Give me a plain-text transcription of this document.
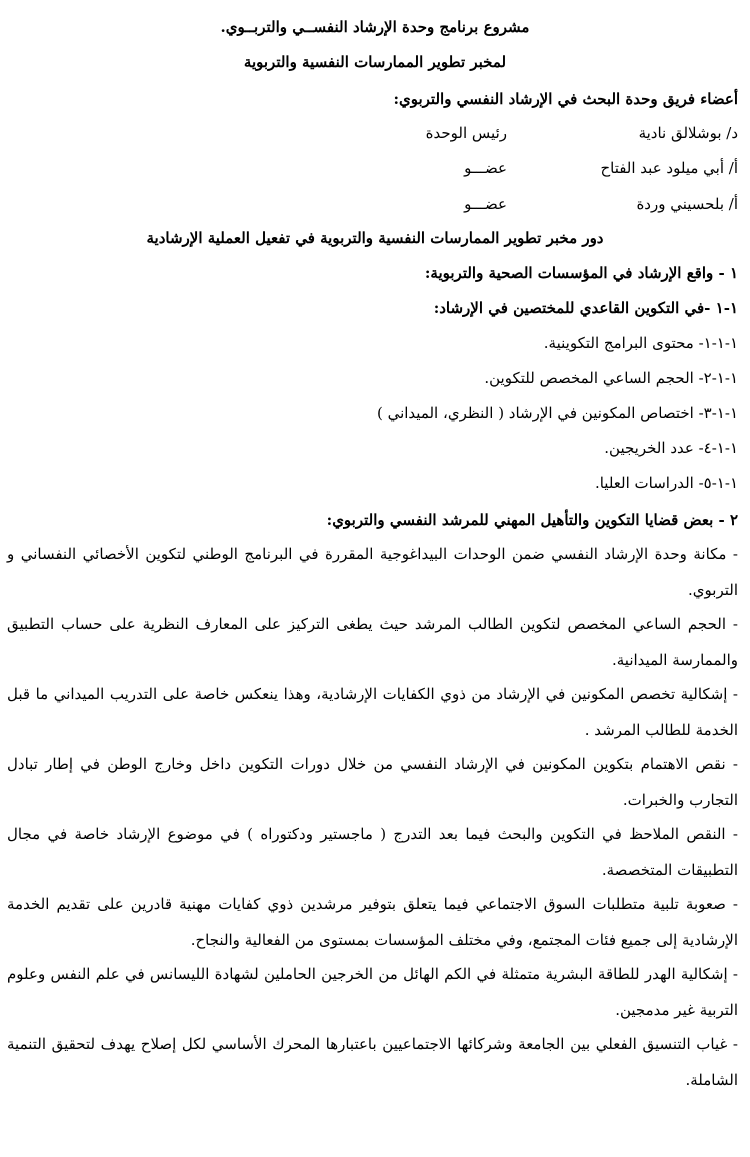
مشروع برنامج وحدة الإرشاد النفســي والتربــوي.

لمخبر تطوير الممارسات النفسية والتربوية

أعضاء فريق وحدة البحث في الإرشاد النفسي والتربوي:

د/ بوشلالق نادية
رئيس الوحدة
أ/ أبي ميلود عبد الفتاح
عضـــو
أ/ بلحسيني وردة
عضـــو

دور مخبر تطوير الممارسات النفسية والتربوية في تفعيل العملية الإرشادية

١ - واقع الإرشاد في المؤسسات الصحية والتربوية:

١-١ -في التكوين القاعدي للمختصين في الإرشاد:

١-١-١- محتوى البرامج التكوينية.

١-١-٢- الحجم الساعي المخصص للتكوين.

١-١-٣- اختصاص المكونين في الإرشاد ( النظري، الميداني )

١-١-٤- عدد الخريجين.

١-١-٥- الدراسات العليا.

٢ - بعض قضايا التكوين والتأهيل المهني للمرشد النفسي والتربوي:

- مكانة وحدة الإرشاد النفسي ضمن الوحدات البيداغوجية المقررة في البرنامج الوطني لتكوين الأخصائي النفساني و التربوي.

- الحجم الساعي المخصص لتكوين الطالب المرشد حيث يطغى التركيز على المعارف النظرية على حساب التطبيق والممارسة الميدانية.

- إشكالية تخصص المكونين في الإرشاد من ذوي الكفايات الإرشادية، وهذا ينعكس خاصة على التدريب الميداني ما قبل الخدمة للطالب المرشد .

- نقص الاهتمام بتكوين المكونين في الإرشاد النفسي من خلال دورات التكوين داخل وخارج الوطن في إطار تبادل التجارب والخبرات.

- النقص الملاحظ في التكوين والبحث فيما بعد التدرج ( ماجستير ودكتوراه ) في موضوع الإرشاد خاصة في مجال التطبيقات المتخصصة.

- صعوبة تلبية متطلبات السوق الاجتماعي فيما يتعلق بتوفير مرشدين ذوي كفايات مهنية قادرين على تقديم الخدمة الإرشادية إلى جميع فئات المجتمع، وفي مختلف المؤسسات بمستوى من الفعالية والنجاح.

- إشكالية الهدر للطاقة البشرية متمثلة في الكم الهائل من الخرجين الحاملين لشهادة الليسانس في علم النفس وعلوم التربية غير مدمجين.

- غياب التنسيق الفعلي بين الجامعة وشركائها الاجتماعيين باعتبارها المحرك الأساسي لكل إصلاح يهدف لتحقيق التنمية الشاملة.
